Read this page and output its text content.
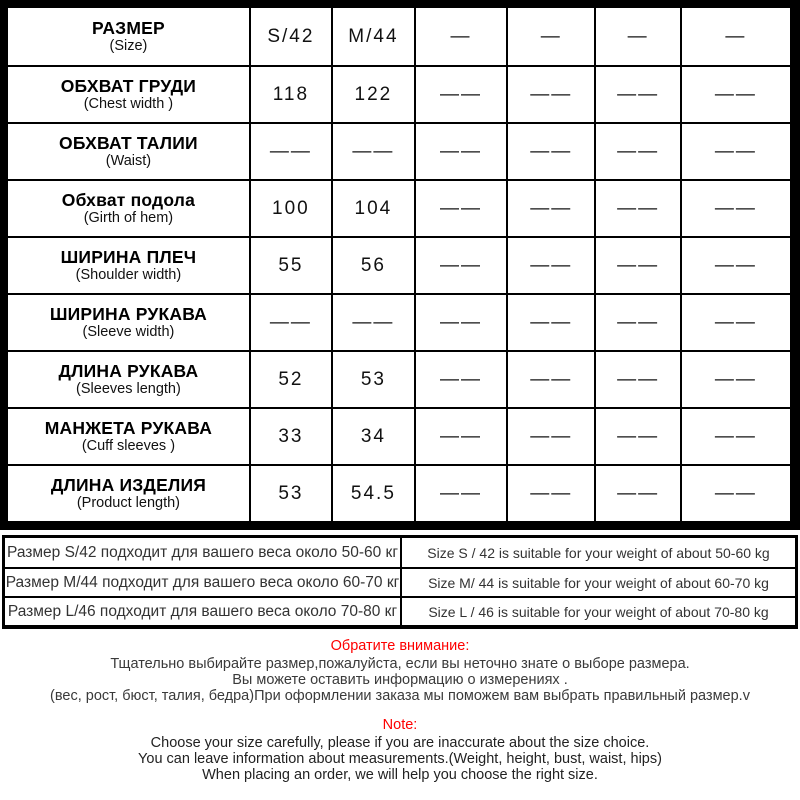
РАЗМЕР
(Size)	S/42	M/44	—	—	—	—
ОБХВАТ ГРУДИ
(Chest width )	118	122	——	——	——	——
ОБХВАТ ТАЛИИ
(Waist)	——	——	——	——	——	——
Обхват подола
(Girth of hem)	100	104	——	——	——	——
ШИРИНА ПЛЕЧ
(Shoulder width)	55	56	——	——	——	——
ШИРИНА РУКАВА
(Sleeve width)	——	——	——	——	——	——
ДЛИНА РУКАВА
(Sleeves length)	52	53	——	——	——	——
МАНЖЕТА РУКАВА
(Cuff sleeves )	33	34	——	——	——	——
ДЛИНА ИЗДЕЛИЯ
(Product length)	53	54.5	——	——	——	——
Размер S/42 подходит для вашего веса около 50-60 кг	Size S / 42 is suitable for your weight of about 50-60 kg
Размер M/44 подходит для вашего веса около 60-70 кг	Size M/ 44 is suitable for your weight of about 60-70 kg
Размер L/46 подходит для вашего веса около 70-80 кг	Size L / 46 is suitable for your weight of about 70-80 kg
Обратите внимание:
Тщательно выбирайте размер,пожалуйста, если вы неточно знате о выборе размера.
Вы можете оставить информацию о измерениях .
(вес, рост, бюст, талия, бедра)При оформлении заказа мы поможем вам выбрать правильный размер.v
Note:
Choose your size carefully, please if you are inaccurate about the size choice.
You can leave information about measurements.(Weight, height, bust, waist, hips)
When placing an order, we will help you choose the right size.
